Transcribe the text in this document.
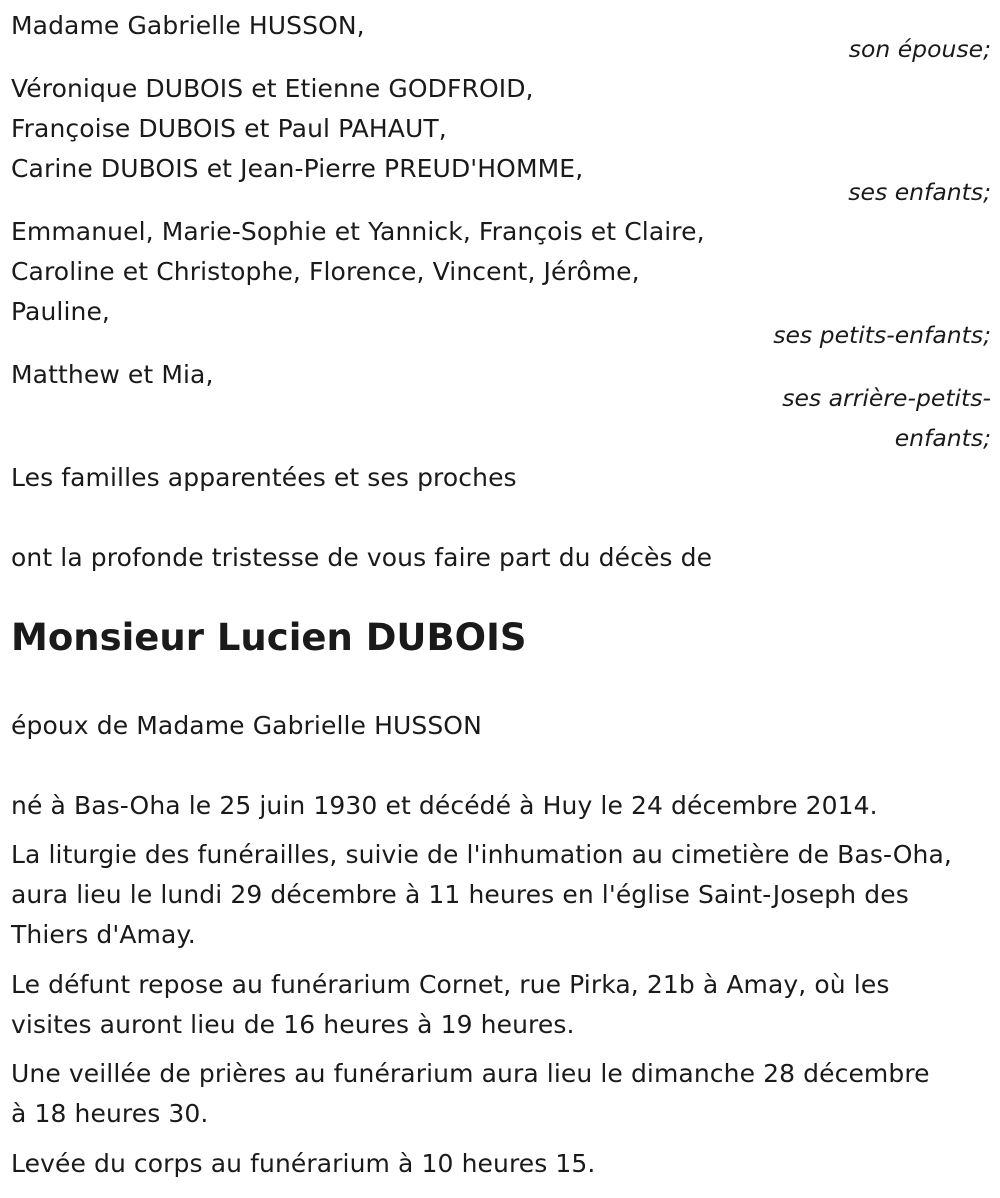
Madame Gabrielle HUSSON,
son épouse;
Véronique DUBOIS et Etienne GODFROID,
Françoise DUBOIS et Paul PAHAUT,
Carine DUBOIS et Jean-Pierre PREUD'HOMME,
ses enfants;
Emmanuel, Marie-Sophie et Yannick, François et Claire,
Caroline et Christophe, Florence, Vincent, Jérôme,
Pauline,
ses petits-enfants;
Matthew et Mia,
ses arrière-petits-
enfants;
Les familles apparentées et ses proches
ont la profonde tristesse de vous faire part du décès de
Monsieur Lucien DUBOIS
époux de Madame Gabrielle HUSSON
né à Bas-Oha le 25 juin 1930 et décédé à Huy le 24 décembre 2014.
La liturgie des funérailles, suivie de l'inhumation au cimetière de Bas-Oha,
aura lieu le lundi 29 décembre à 11 heures en l'église Saint-Joseph des
Thiers d'Amay.
Le défunt repose au funérarium Cornet, rue Pirka, 21b à Amay, où les
visites auront lieu de 16 heures à 19 heures.
Une veillée de prières au funérarium aura lieu le dimanche 28 décembre
à 18 heures 30.
Levée du corps au funérarium à 10 heures 15.
